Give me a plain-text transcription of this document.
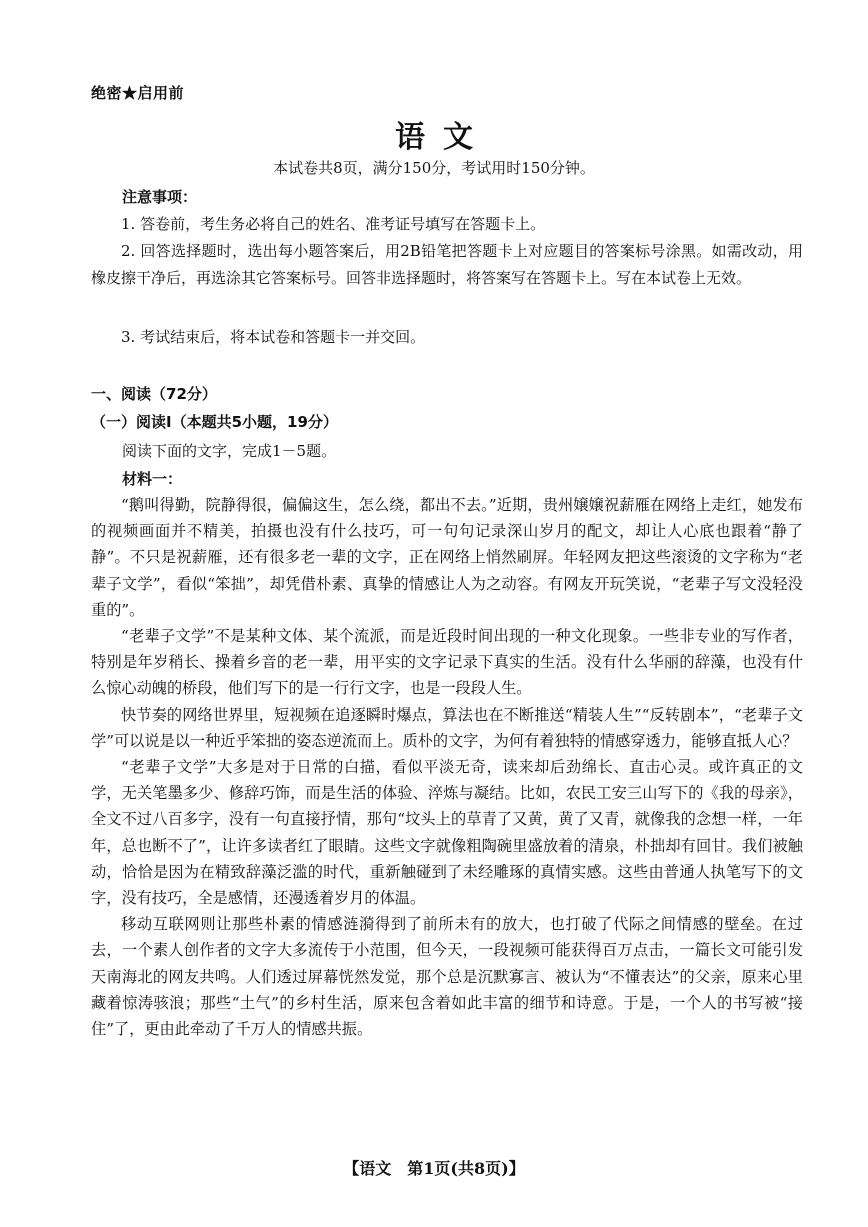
绝密★启用前
语文
本试卷共8页，满分150分，考试用时150分钟。
注意事项：

1. 答卷前，考生务必将自己的姓名、准考证号填写在答题卡上。

2. 回答选择题时，选出每小题答案后，用2B铅笔把答题卡上对应题目的答案标号涂黑。如需改动，用橡皮擦干净后，再选涂其它答案标号。回答非选择题时，将答案写在答题卡上。写在本试卷上无效。

3. 考试结束后，将本试卷和答题卡一并交回。

一、阅读（72分）
（一）阅读Ⅰ（本题共5小题，19分）
阅读下面的文字，完成1－5题。
材料一：

“鹅叫得勤，院静得很，偏偏这生，怎么绕，都出不去。”近期，贵州嬢嬢祝薪雁在网络上走红，她发布的视频画面并不精美，拍摄也没有什么技巧，可一句句记录深山岁月的配文，却让人心底也跟着“静了静”。不只是祝薪雁，还有很多老一辈的文字，正在网络上悄然刷屏。年轻网友把这些滚烫的文字称为“老辈子文学”，看似“笨拙”，却凭借朴素、真挚的情感让人为之动容。有网友开玩笑说，“老辈子写文没轻没重的”。

“老辈子文学”不是某种文体、某个流派，而是近段时间出现的一种文化现象。一些非专业的写作者，特别是年岁稍长、操着乡音的老一辈，用平实的文字记录下真实的生活。没有什么华丽的辞藻，也没有什么惊心动魄的桥段，他们写下的是一行行文字，也是一段段人生。

快节奏的网络世界里，短视频在追逐瞬时爆点，算法也在不断推送“精装人生”“反转剧本”，“老辈子文学”可以说是以一种近乎笨拙的姿态逆流而上。质朴的文字，为何有着独特的情感穿透力，能够直抵人心？

“老辈子文学”大多是对于日常的白描，看似平淡无奇，读来却后劲绵长、直击心灵。或许真正的文学，无关笔墨多少、修辞巧饰，而是生活的体验、淬炼与凝结。比如，农民工安三山写下的《我的母亲》，全文不过八百多字，没有一句直接抒情，那句“坟头上的草青了又黄，黄了又青，就像我的念想一样，一年年，总也断不了”，让许多读者红了眼睛。这些文字就像粗陶碗里盛放着的清泉，朴拙却有回甘。我们被触动，恰恰是因为在精致辞藻泛滥的时代，重新触碰到了未经雕琢的真情实感。这些由普通人执笔写下的文字，没有技巧，全是感情，还漫透着岁月的体温。

移动互联网则让那些朴素的情感涟漪得到了前所未有的放大，也打破了代际之间情感的壁垒。在过去，一个素人创作者的文字大多流传于小范围，但今天，一段视频可能获得百万点击，一篇长文可能引发天南海北的网友共鸣。人们透过屏幕恍然发觉，那个总是沉默寡言、被认为“不懂表达”的父亲，原来心里藏着惊涛骇浪；那些“土气”的乡村生活，原来包含着如此丰富的细节和诗意。于是，一个人的书写被“接住”了，更由此牵动了千万人的情感共振。

【语文　第1页(共8页)】
